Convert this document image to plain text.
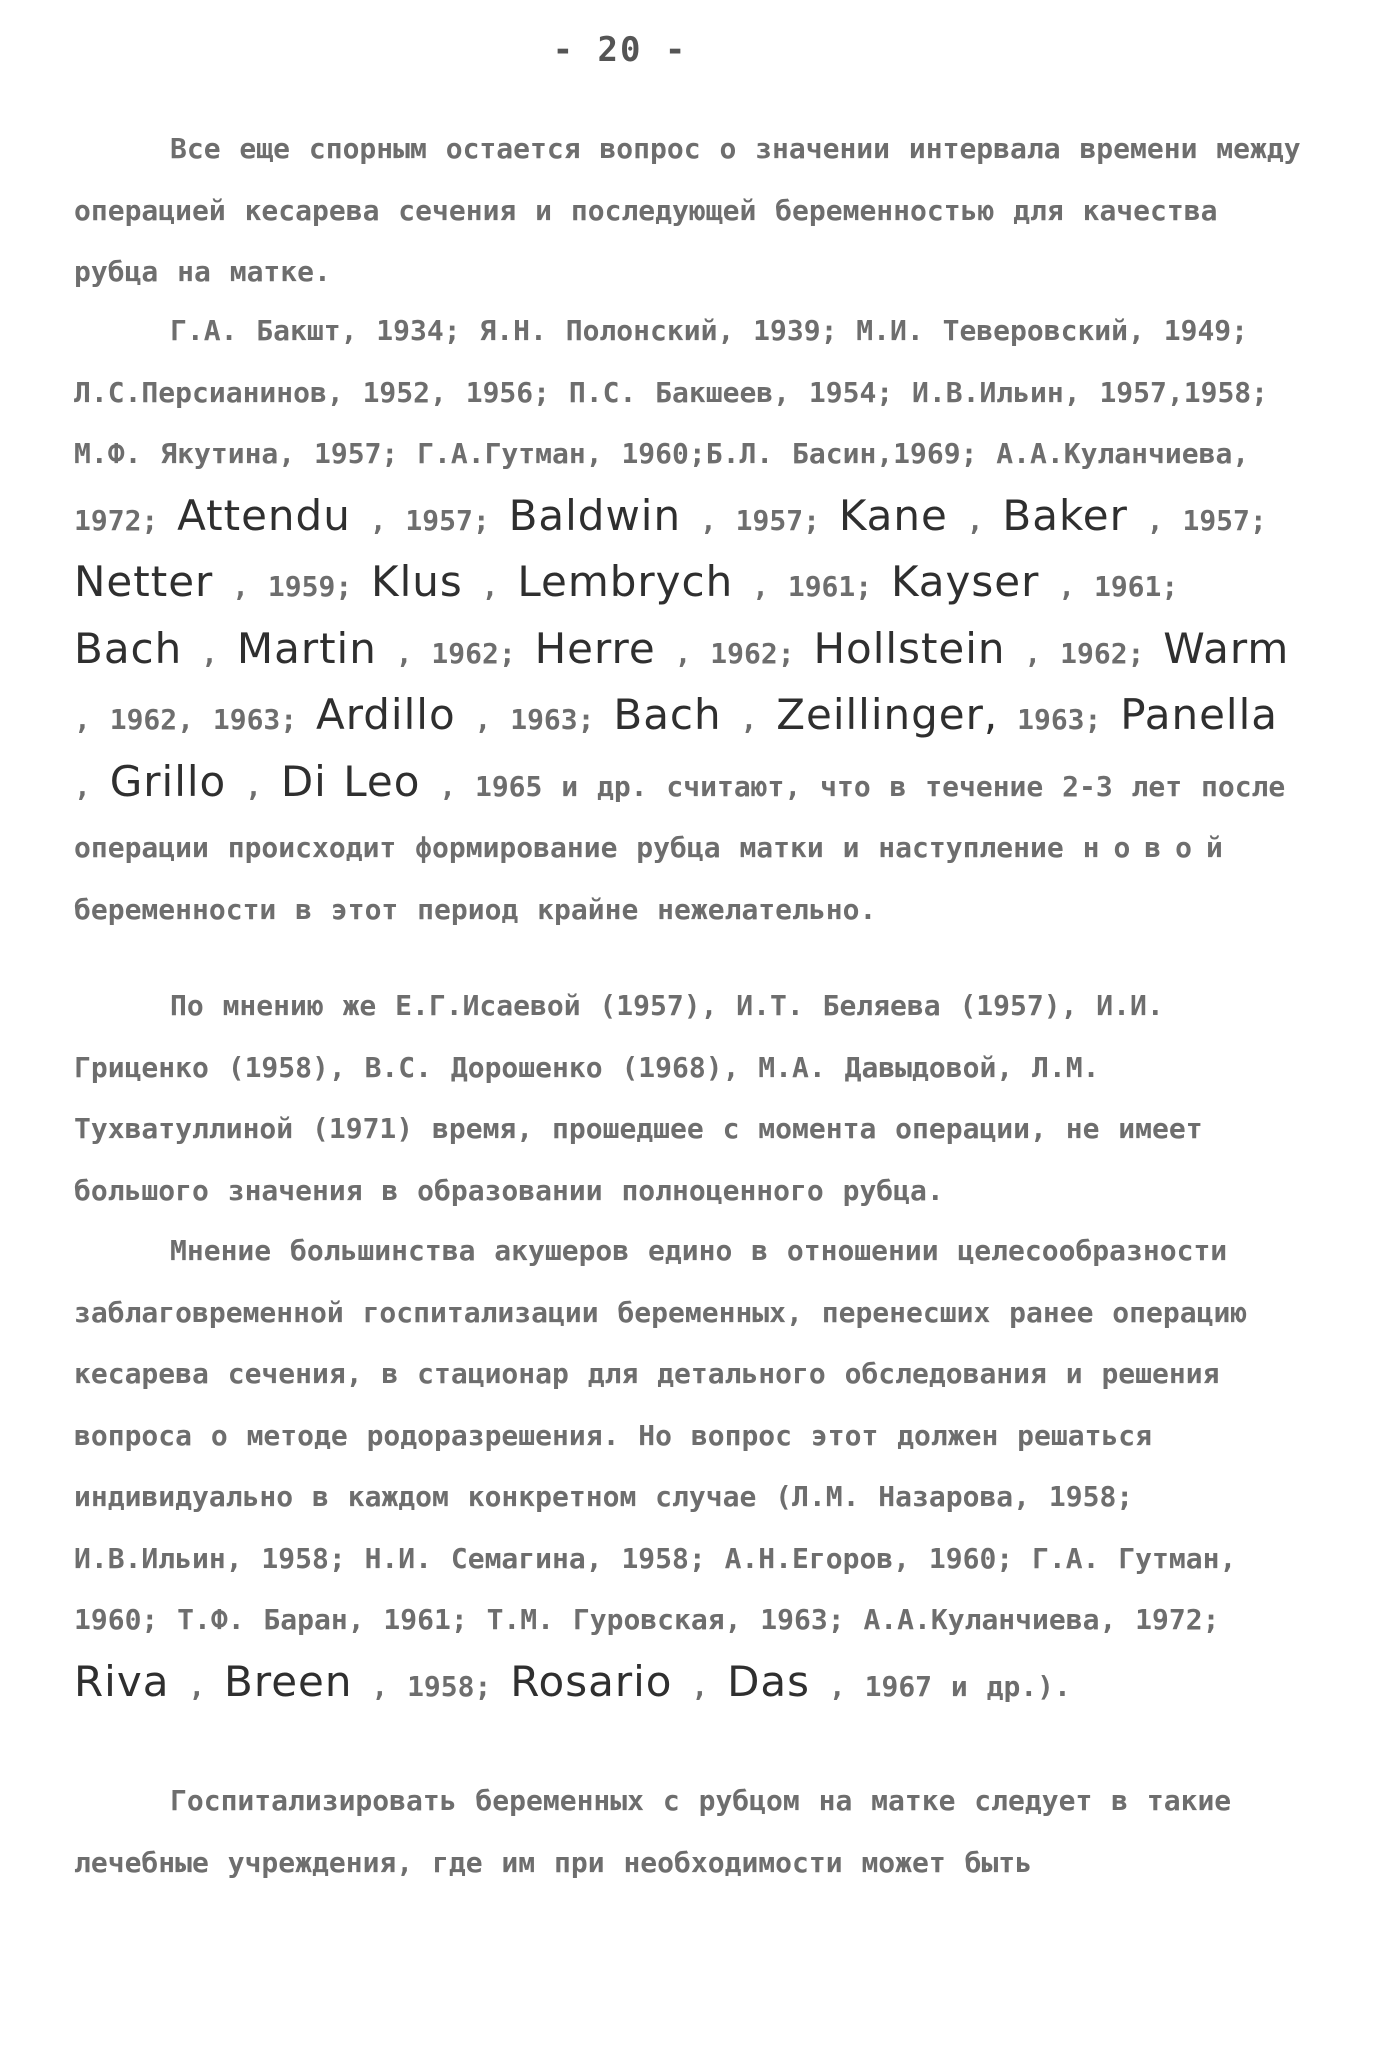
- 20 -

Все еще спорным остается вопрос о значении интервала времени между операцией кесарева сечения и последующей беременностью для качества рубца на матке.

Г.А. Бакшт, 1934; Я.Н. Полонский, 1939; М.И. Теверовский, 1949; Л.С.Персианинов, 1952, 1956; П.С. Бакшеев, 1954; И.В.Ильин, 1957,1958; М.Ф. Якутина, 1957; Г.А.Гутман, 1960;Б.Л. Басин,1969; А.А.Куланчиева, 1972; Attendu , 1957; Baldwin , 1957; Kane , Baker , 1957; Netter , 1959; Klus , Lembrych , 1961; Kayser , 1961; Bach , Martin , 1962; Herre , 1962; Hollstein , 1962; Warm , 1962, 1963; Ardillo , 1963; Bach , Zeillinger, 1963; Panella , Grillo , Di Leo , 1965 и др. считают, что в течение 2-3 лет после операции происходит формирование рубца матки и наступление новой беременности в этот период крайне нежелательно.

По мнению же Е.Г.Исаевой (1957), И.Т. Беляева (1957), И.И. Гриценко (1958), В.С. Дорошенко (1968), М.А. Давыдовой, Л.М. Тухватуллиной (1971) время, прошедшее с момента операции, не имеет большого значения в образовании полноценного рубца.

Мнение большинства акушеров едино в отношении целесообразности заблаговременной госпитализации беременных, перенесших ранее операцию кесарева сечения, в стационар для детального обследования и решения вопроса о методе родоразрешения. Но вопрос этот должен решаться индивидуально в каждом конкретном случае (Л.М. Назарова, 1958; И.В.Ильин, 1958; Н.И. Семагина, 1958; А.Н.Егоров, 1960; Г.А. Гутман, 1960; Т.Ф. Баран, 1961; Т.М. Гуровская, 1963; А.А.Куланчиева, 1972; Riva , Breen , 1958; Rosario , Das , 1967 и др.).

Госпитализировать беременных с рубцом на матке следует в такие лечебные учреждения, где им при необходимости может быть
